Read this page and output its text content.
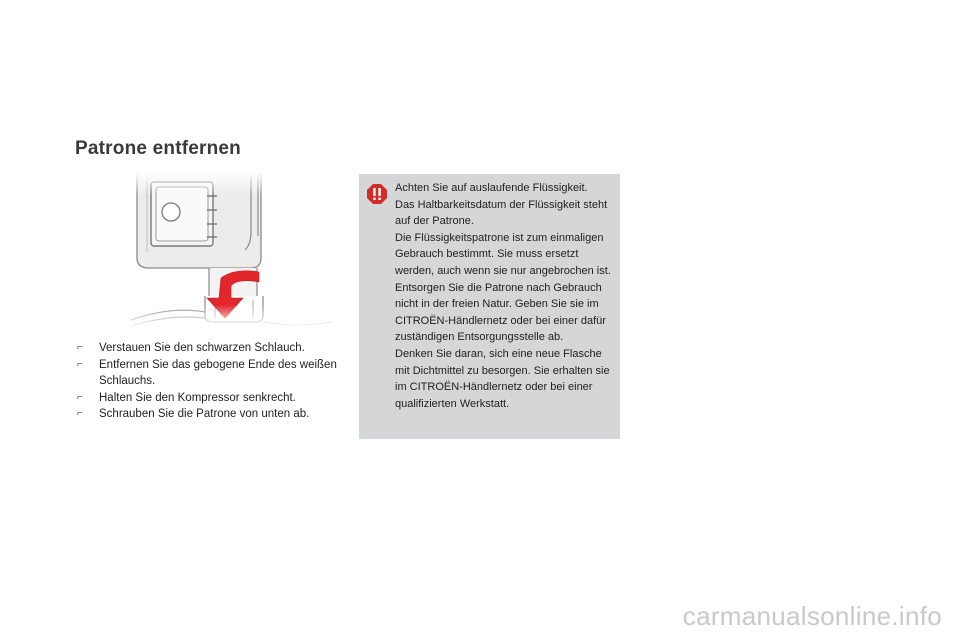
Patrone entfernen
⌐ Verstauen Sie den schwarzen Schlauch.
⌐ Entfernen Sie das gebogene Ende des weißen Schlauchs.
⌐ Halten Sie den Kompressor senkrecht.
⌐ Schrauben Sie die Patrone von unten ab.

Achten Sie auf auslaufende Flüssigkeit.

Das Haltbarkeitsdatum der Flüssigkeit steht auf der Patrone.

Die Flüssigkeitspatrone ist zum einmaligen Gebrauch bestimmt. Sie muss ersetzt werden, auch wenn sie nur angebrochen ist.

Entsorgen Sie die Patrone nach Gebrauch nicht in der freien Natur. Geben Sie sie im CITROËN-Händlernetz oder bei einer dafür zuständigen Entsorgungsstelle ab.

Denken Sie daran, sich eine neue Flasche mit Dichtmittel zu besorgen. Sie erhalten sie im CITROËN-Händlernetz oder bei einer qualifizierten Werkstatt.

carmanualsonline.info
